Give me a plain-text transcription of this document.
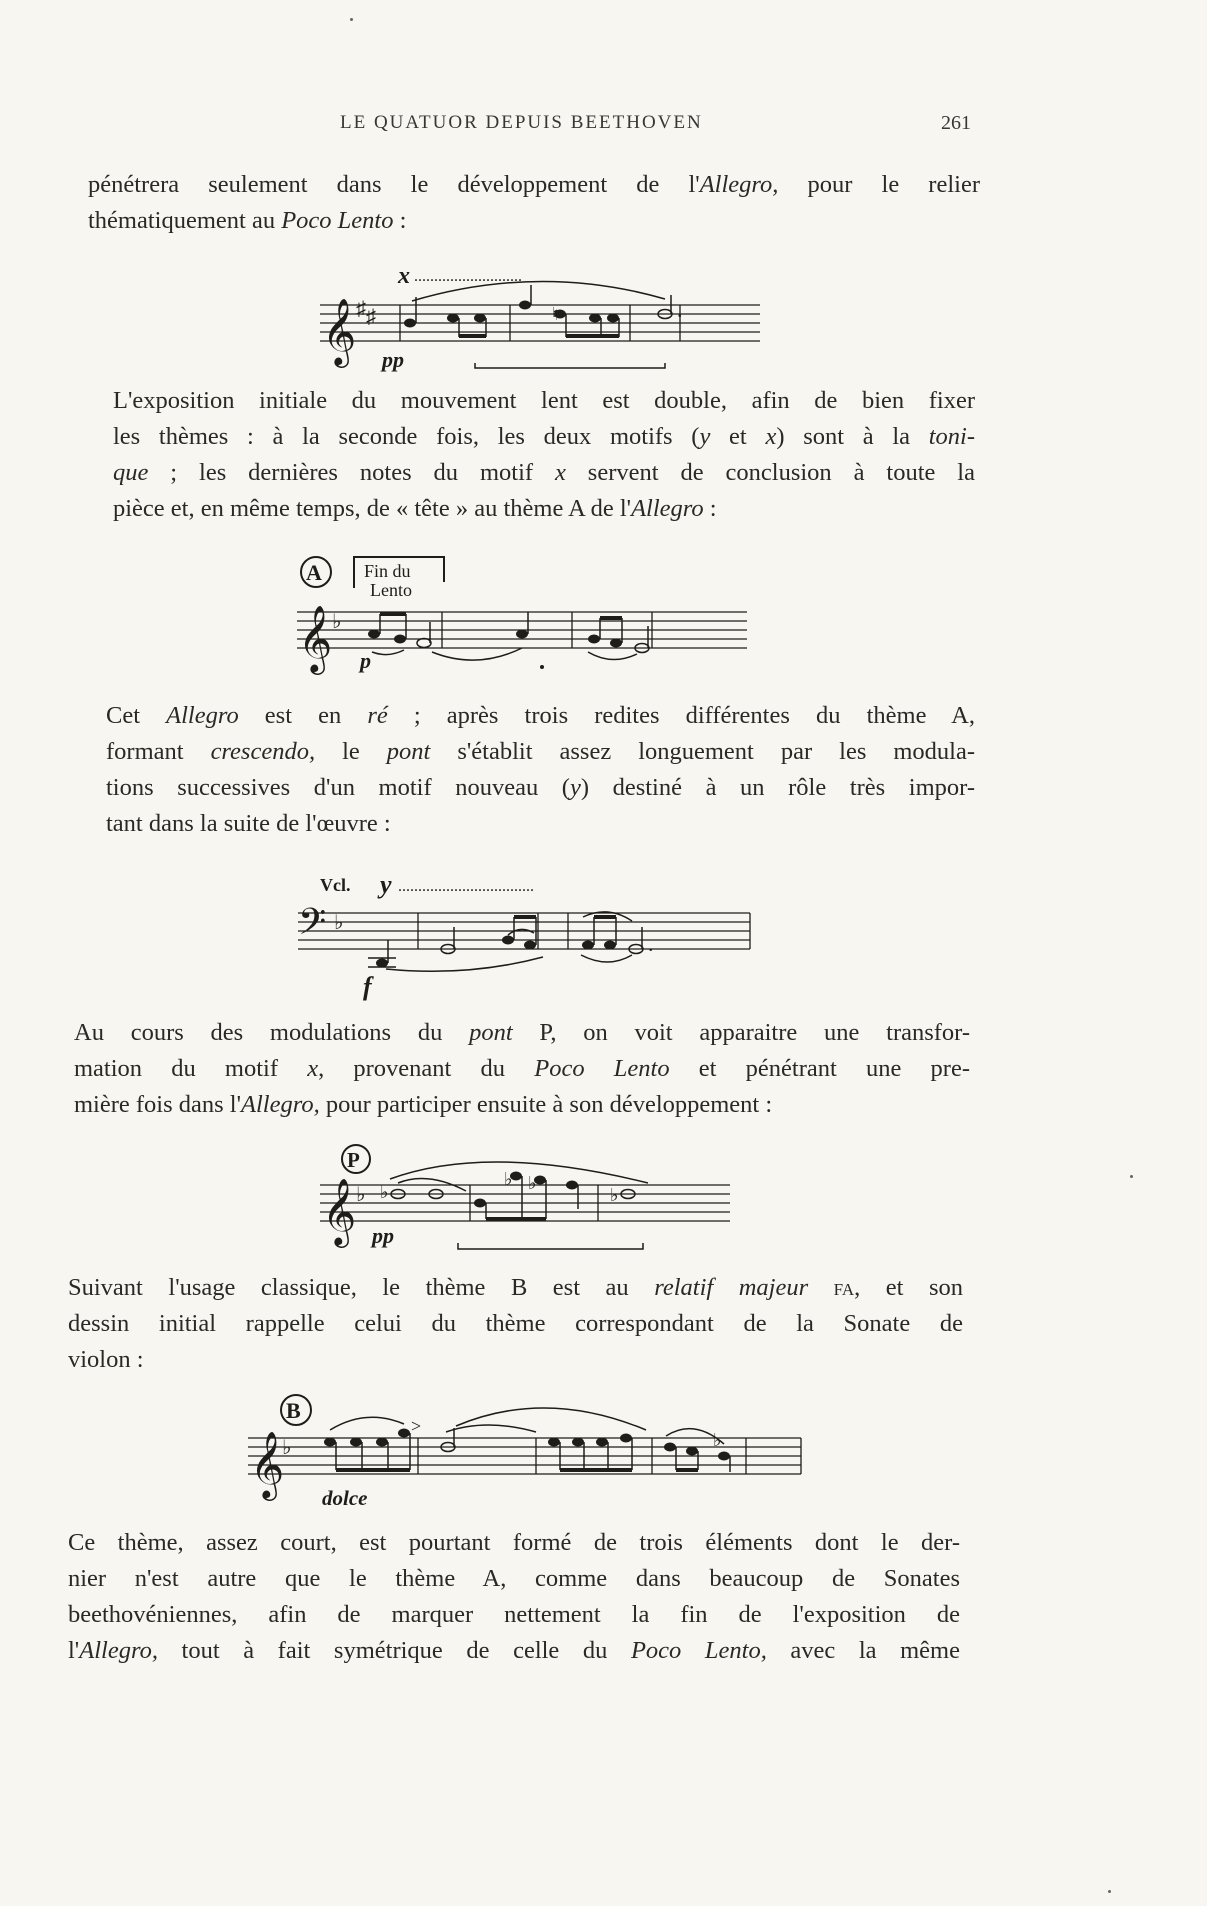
LE QUATUOR DEPUIS BEETHOVEN	261
pénétrera seulement dans le développement de l'Allegro, pour le relier
thématiquement au Poco Lento :
x ...........................
𝄞 ♯ ♯	♮	.
pp
L'exposition initiale du mouvement lent est double, afin de bien fixer
les thèmes : à la seconde fois, les deux motifs (y et x) sont à la toni-
que ; les dernières notes du motif x servent de conclusion à toute la
pièce et, en même temps, de « tête » au thème A de l'Allegro :
A Fin du
Lento
𝄞 ♭
p
Cet Allegro est en ré ; après trois redites différentes du thème A,
formant crescendo, le pont s'établit assez longuement par les modula-
tions successives d'un motif nouveau (y) destiné à un rôle très impor-
tant dans la suite de l'œuvre :
Vcl. y ..................................
𝄢 ♭
.
f
Au cours des modulations du pont P, on voit apparaitre une transfor-
mation du motif x, provenant du Poco Lento et pénétrant une pre-
mière fois dans l'Allegro, pour participer ensuite à son développement :
P
𝄞 ♭ ♭
♭ ♭
♭
pp
Suivant l'usage classique, le thème B est au relatif majeur fa, et son
dessin initial rappelle celui du thème correspondant de la Sonate de
violon :
B
𝄞
♭
>
♭
dolce
Ce thème, assez court, est pourtant formé de trois éléments dont le der-
nier n'est autre que le thème A, comme dans beaucoup de Sonates
beethovéniennes, afin de marquer nettement la fin de l'exposition de
l'Allegro, tout à fait symétrique de celle du Poco Lento, avec la même
